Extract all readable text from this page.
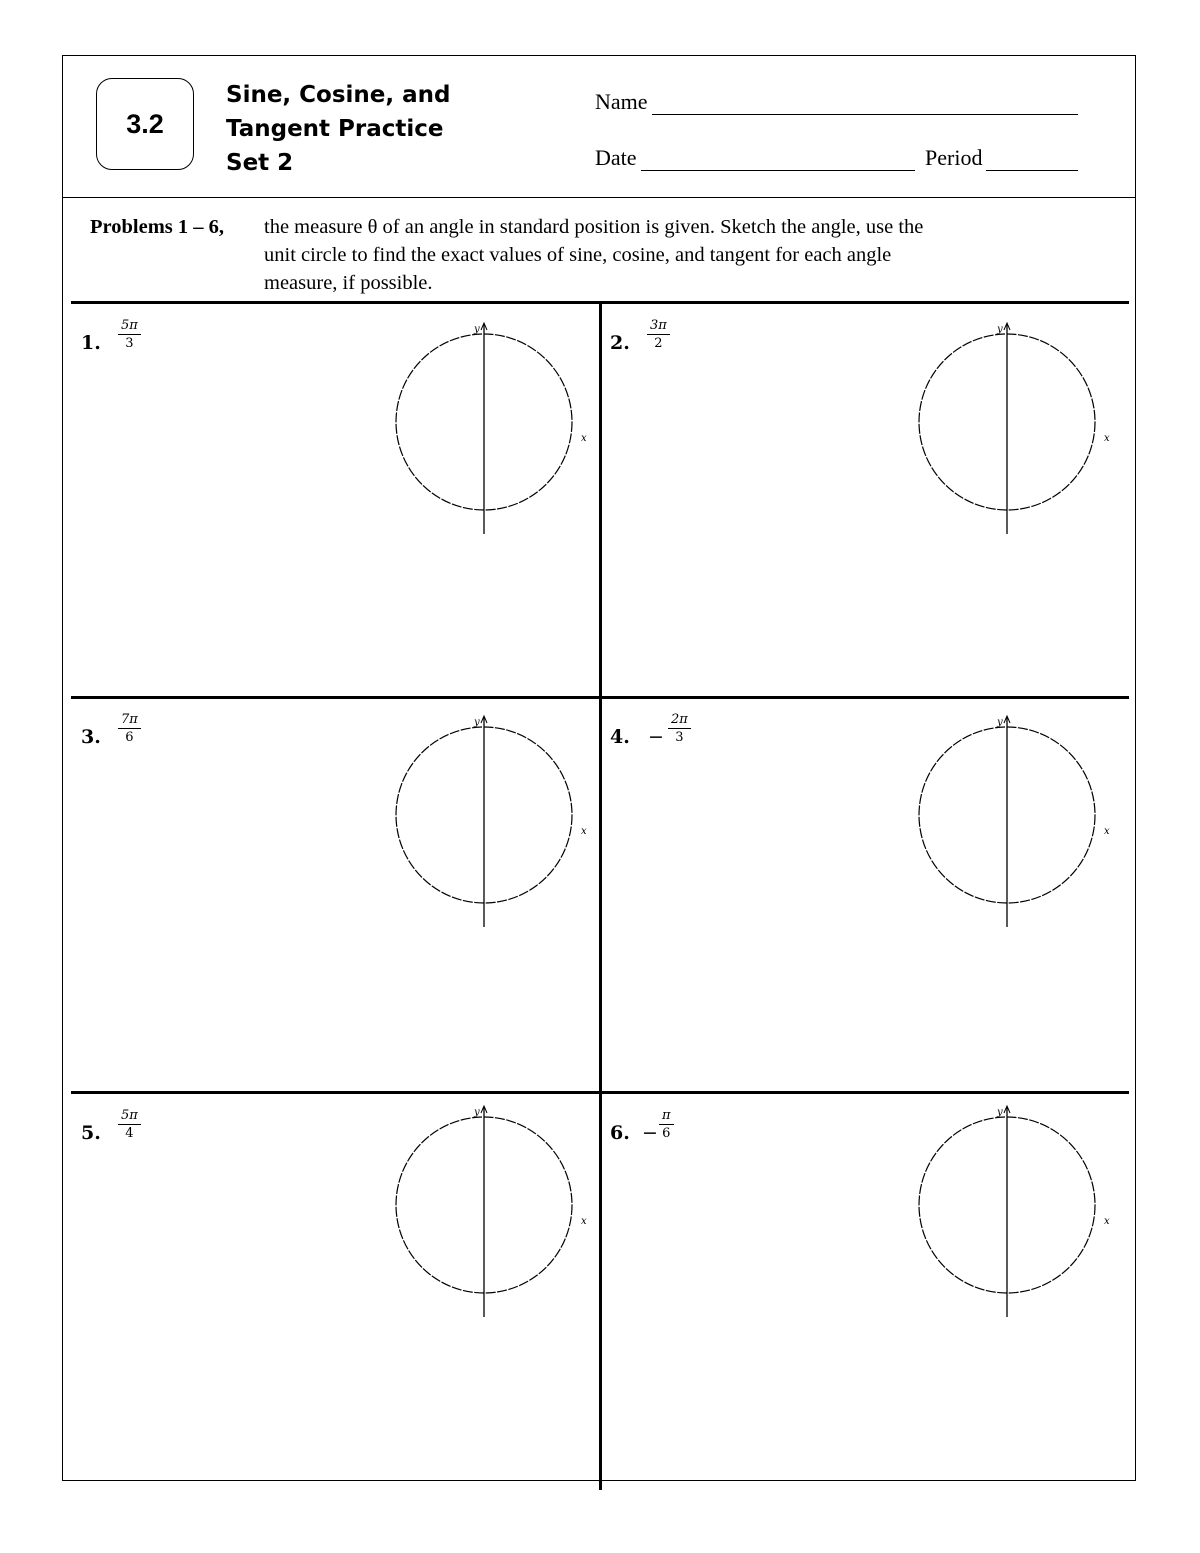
3.2
Sine, Cosine, and
Tangent Practice
Set 2
Name
Date	Period
Problems 1 – 6, the measure θ of an angle in standard position is given. Sketch the angle, use the
unit circle to find the exact values of sine, cosine, and tangent for each angle
measure, if possible.
1. $\frac{5\pi}{3}$	2. $\frac{3\pi}{2}$
3. $\frac{7\pi}{6}$	4. − $\frac{2\pi}{3}$
5. $\frac{5\pi}{4}$	6. − $\frac{\pi}{6}$
y
x
y
x
y
x
y
x
y
x
y
x
